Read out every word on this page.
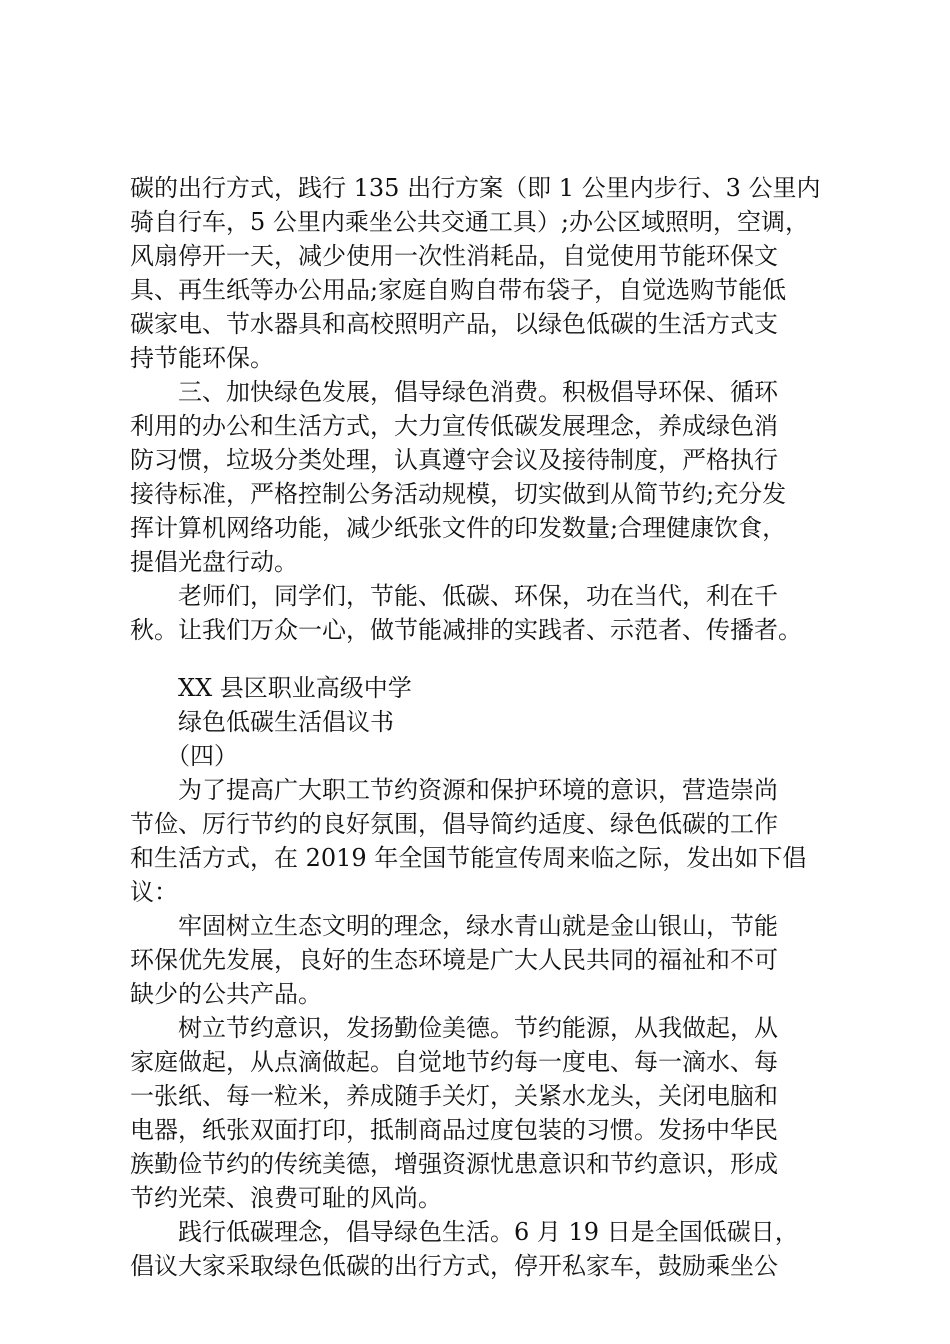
碳的出行方式，践行 135 出行方案（即 1 公里内步行、3 公里内
骑自行车，5 公里内乘坐公共交通工具）;办公区域照明，空调，
风扇停开一天，减少使用一次性消耗品，自觉使用节能环保文
具、再生纸等办公用品;家庭自购自带布袋子，自觉选购节能低
碳家电、节水器具和高校照明产品，以绿色低碳的生活方式支
持节能环保。
　　三、加快绿色发展，倡导绿色消费。积极倡导环保、循环
利用的办公和生活方式，大力宣传低碳发展理念，养成绿色消
防习惯，垃圾分类处理，认真遵守会议及接待制度，严格执行
接待标准，严格控制公务活动规模，切实做到从简节约;充分发
挥计算机网络功能，减少纸张文件的印发数量;合理健康饮食，
提倡光盘行动。
　　老师们，同学们，节能、低碳、环保，功在当代，利在千
秋。让我们万众一心，做节能减排的实践者、示范者、传播者。
　　XX 县区职业高级中学
　　绿色低碳生活倡议书
　　（四）
　　为了提高广大职工节约资源和保护环境的意识，营造崇尚
节俭、厉行节约的良好氛围，倡导简约适度、绿色低碳的工作
和生活方式，在 2019 年全国节能宣传周来临之际，发出如下倡
议：
　　牢固树立生态文明的理念，绿水青山就是金山银山，节能
环保优先发展，良好的生态环境是广大人民共同的福祉和不可
缺少的公共产品。
　　树立节约意识，发扬勤俭美德。节约能源，从我做起，从
家庭做起，从点滴做起。自觉地节约每一度电、每一滴水、每
一张纸、每一粒米，养成随手关灯，关紧水龙头，关闭电脑和
电器，纸张双面打印，抵制商品过度包装的习惯。发扬中华民
族勤俭节约的传统美德，增强资源忧患意识和节约意识，形成
节约光荣、浪费可耻的风尚。
　　践行低碳理念，倡导绿色生活。6 月 19 日是全国低碳日，
倡议大家采取绿色低碳的出行方式，停开私家车，鼓励乘坐公
